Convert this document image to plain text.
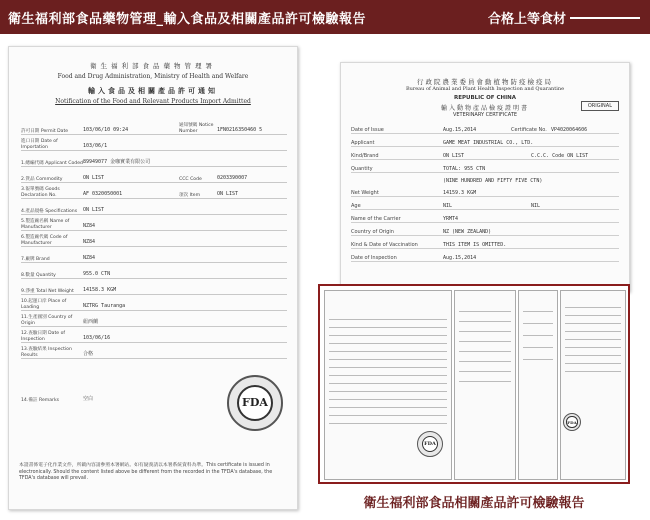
衛生福利部食品藥物管理_輸入食品及相關產品許可檢驗報告	合格上等食材
衛生福利部食品藥物管理署
Food and Drug Administration, Ministry of Health and Welfare
輸入食品及相關產品許可通知
Notification of the Food and Relevant Products Import Admitted
許可日期 Permit Date	103/06/10 09:24
通知號碼 Notice Number	1FN0216350460 5
進口日期 Date of Importation	103/06/1
1.總編代碼 Applicant Coded 89949077 金咖實業有限公司
2.貨品 Commodity	ON LIST	CCC Code	0203390007
3.報單號碼 Goods Declaration No.	AF 0320050001	項次 Item	ON LIST
4.產品規格 Specifications	ON LIST
5.製造廠名稱 Name of Manufacturer	NZ84
6.製造廠代碼 Code of Manufacturer	NZ84
7.廠牌 Brand	NZ84
8.數量 Quantity	955.0 CTN
9.淨重 Total Net Weight	14158.3 KGM
10.起運口岸 Place of Loading	NZTRG Tauranga
11.生產國別 Country of Origin	紐西蘭
12.查驗日期 Date of Inspection	103/06/16
13.查驗結果 Inspection Results	合格
14.備註 Remarks	空白	FDA
本證書係電子化作業文件，所載內容請參照本署網站。如有疑義請以本署系統資料為準。This certificate is issued in electronically. Should the content listed above be different from the recorded in the TFDA's database, the TFDA's database will prevail.
行政院農業委員會動植物防疫檢疫局
Bureau of Animal and Plant Health Inspection and Quarantine
REPUBLIC OF CHINA
輸入動物產品檢疫證明書
VETERINARY CERTIFICATE
ORIGINAL
Date of Issue	Aug.15,2014	Certificate No. VP4020064606
Applicant	GAME MEAT INDUSTRIAL CO., LTD.
Kind/Brand	ON LIST	C.C.C. Code ON LIST
Quantity	TOTAL: 955 CTN
(NINE HUNDRED AND FIFTY FIVE CTN)
Net Weight	14159.3 KGM
Age	NIL	NIL
Name of the Carrier	YRMT4
Country of Origin	NZ (NEW ZEALAND)
Kind & Date of Vaccination	THIS ITEM IS OMITTED.
Date of Inspection	Aug.15,2014
FDA
FDA
衛生福利部食品相關產品許可檢驗報告
